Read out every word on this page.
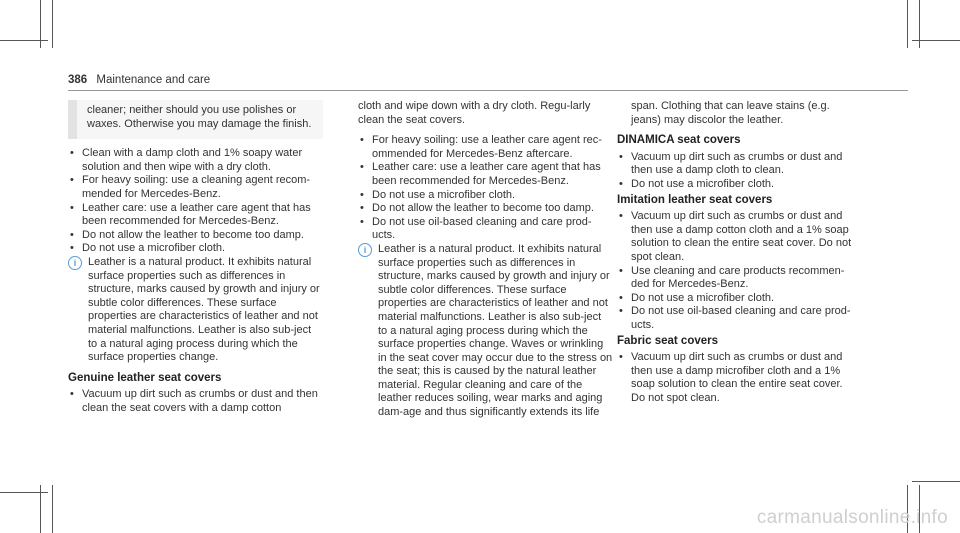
386 Maintenance and care

cleaner; neither should you use polishes or waxes. Otherwise you may damage the finish.

• Clean with a damp cloth and 1% soapy water solution and then wipe with a dry cloth.

• For heavy soiling: use a cleaning agent recom-mended for Mercedes-Benz.

• Leather care: use a leather care agent that has been recommended for Mercedes-Benz.

• Do not allow the leather to become too damp.

• Do not use a microfiber cloth.

i	Leather is a natural product. It exhibits natural surface properties such as differences in structure, marks caused by growth and injury or subtle color differences. These surface properties are characteristics of leather and not material malfunctions. Leather is also sub-ject to a natural aging process during which the surface properties change.

Genuine leather seat covers

• Vacuum up dirt such as crumbs or dust and then clean the seat covers with a damp cotton

cloth and wipe down with a dry cloth. Regu-larly clean the seat covers.

• For heavy soiling: use a leather care agent rec-ommended for Mercedes-Benz aftercare.

• Leather care: use a leather care agent that has been recommended for Mercedes-Benz.

• Do not use a microfiber cloth.

• Do not allow the leather to become too damp.

• Do not use oil-based cleaning and care prod-ucts.

i	Leather is a natural product. It exhibits natural surface properties such as differences in structure, marks caused by growth and injury or subtle color differences. These surface properties are characteristics of leather and not material malfunctions. Leather is also sub-ject to a natural aging process during which the surface properties change. Waves or wrinkling in the seat cover may occur due to the stress on the seat; this is caused by the natural leather material. Regular cleaning and care of the leather reduces soiling, wear marks and aging dam-age and thus significantly extends its life

span. Clothing that can leave stains (e.g. jeans) may discolor the leather.

DINAMICA seat covers

• Vacuum up dirt such as crumbs or dust and then use a damp cloth to clean.

• Do not use a microfiber cloth.

Imitation leather seat covers

• Vacuum up dirt such as crumbs or dust and then use a damp cotton cloth and a 1% soap solution to clean the entire seat cover. Do not spot clean.

• Use cleaning and care products recommen-ded for Mercedes-Benz.

• Do not use a microfiber cloth.

• Do not use oil-based cleaning and care prod-ucts.

Fabric seat covers

• Vacuum up dirt such as crumbs or dust and then use a damp microfiber cloth and a 1% soap solution to clean the entire seat cover. Do not spot clean.

carmanualsonline.info
